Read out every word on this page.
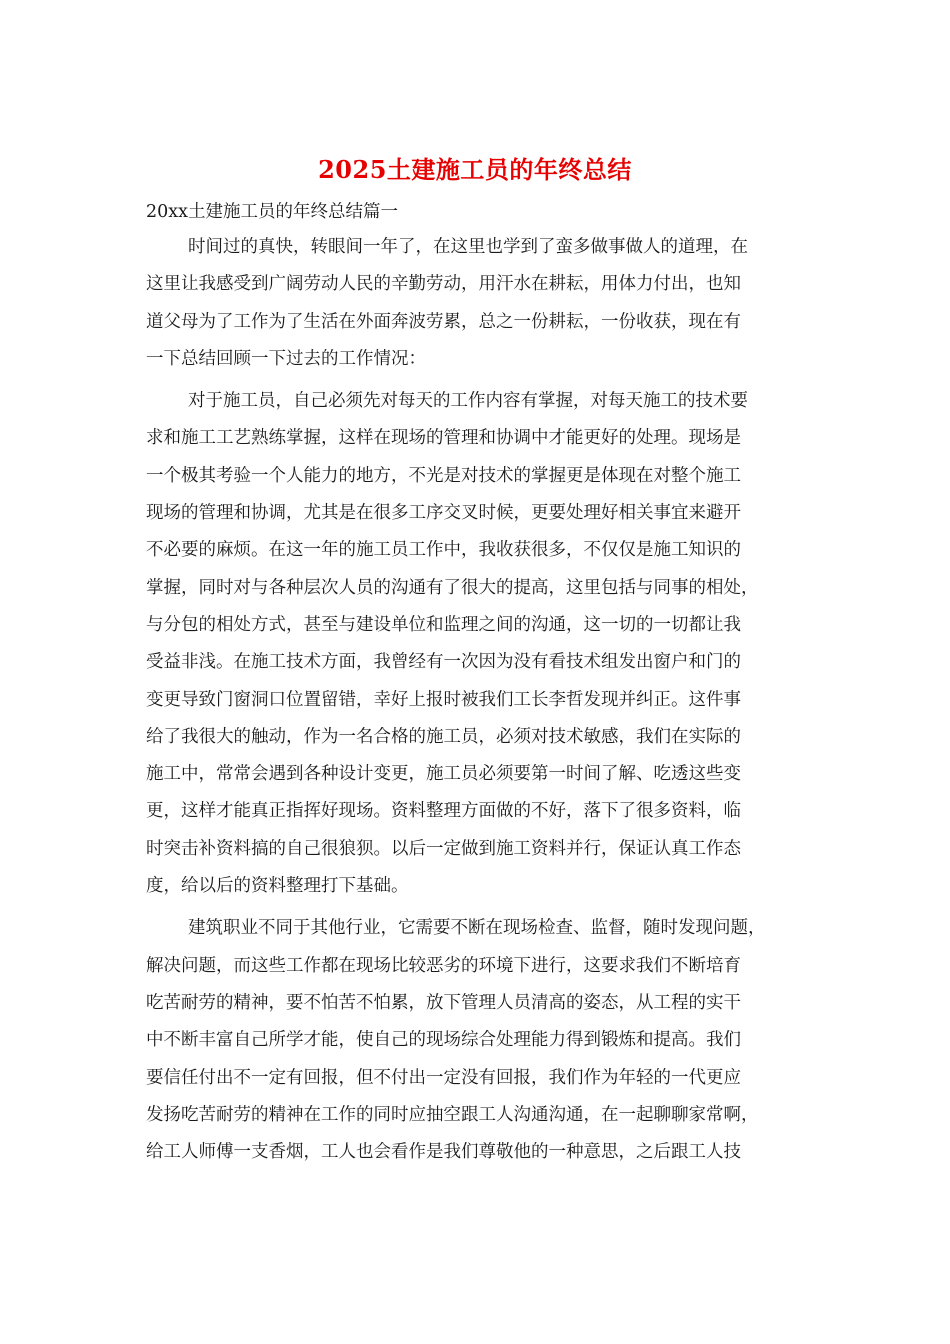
2025土建施工员的年终总结
20xx土建施工员的年终总结篇一
时间过的真快，转眼间一年了，在这里也学到了蛮多做事做人的道理，在
这里让我感受到广阔劳动人民的辛勤劳动，用汗水在耕耘，用体力付出，也知
道父母为了工作为了生活在外面奔波劳累，总之一份耕耘，一份收获，现在有
一下总结回顾一下过去的工作情况：
对于施工员，自己必须先对每天的工作内容有掌握，对每天施工的技术要
求和施工工艺熟练掌握，这样在现场的管理和协调中才能更好的处理。现场是
一个极其考验一个人能力的地方，不光是对技术的掌握更是体现在对整个施工
现场的管理和协调，尤其是在很多工序交叉时候，更要处理好相关事宜来避开
不必要的麻烦。在这一年的施工员工作中，我收获很多，不仅仅是施工知识的
掌握，同时对与各种层次人员的沟通有了很大的提高，这里包括与同事的相处，
与分包的相处方式，甚至与建设单位和监理之间的沟通，这一切的一切都让我
受益非浅。在施工技术方面，我曾经有一次因为没有看技术组发出窗户和门的
变更导致门窗洞口位置留错，幸好上报时被我们工长李哲发现并纠正。这件事
给了我很大的触动，作为一名合格的施工员，必须对技术敏感，我们在实际的
施工中，常常会遇到各种设计变更，施工员必须要第一时间了解、吃透这些变
更，这样才能真正指挥好现场。资料整理方面做的不好，落下了很多资料，临
时突击补资料搞的自己很狼狈。以后一定做到施工资料并行，保证认真工作态
度，给以后的资料整理打下基础。
建筑职业不同于其他行业，它需要不断在现场检查、监督，随时发现问题，
解决问题，而这些工作都在现场比较恶劣的环境下进行，这要求我们不断培育
吃苦耐劳的精神，要不怕苦不怕累，放下管理人员清高的姿态，从工程的实干
中不断丰富自己所学才能，使自己的现场综合处理能力得到锻炼和提高。我们
要信任付出不一定有回报，但不付出一定没有回报，我们作为年轻的一代更应
发扬吃苦耐劳的精神在工作的同时应抽空跟工人沟通沟通，在一起聊聊家常啊，
给工人师傅一支香烟，工人也会看作是我们尊敬他的一种意思，之后跟工人技
